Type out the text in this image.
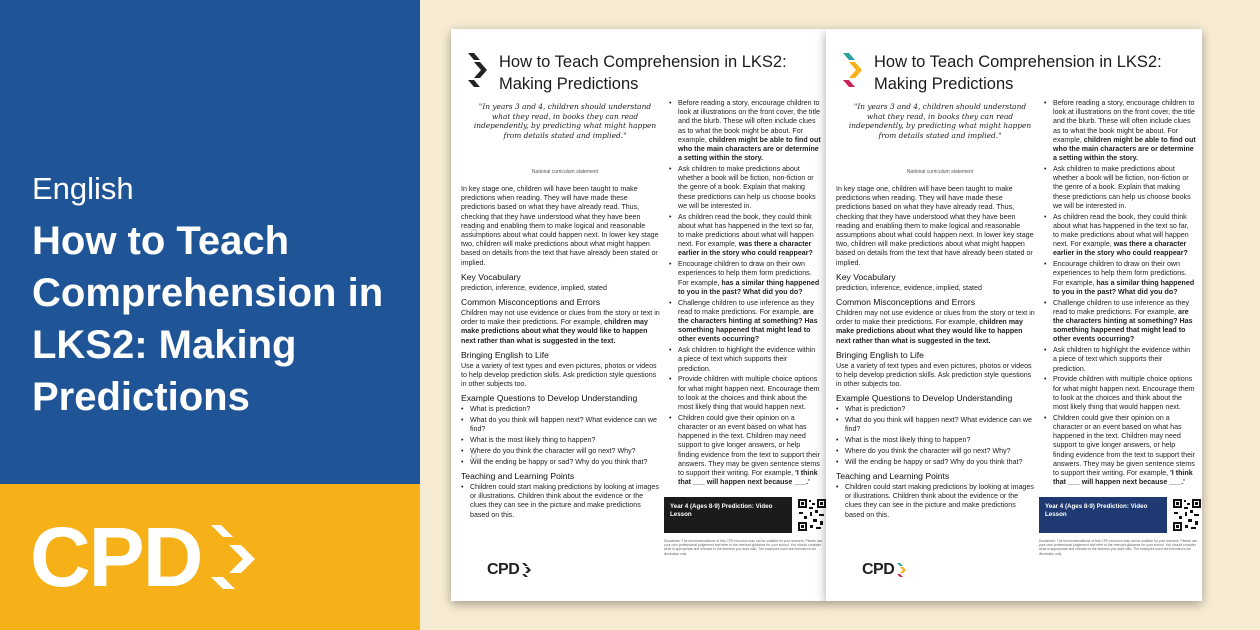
English
How to Teach Comprehension in LKS2: Making Predictions
CPD
How to Teach Comprehension in LKS2:
Making Predictions
"In years 3 and 4, children should understand what they read, in books they can read independently, by predicting what might happen from details stated and implied."
National curriculum statement

In key stage one, children will have been taught to make predictions when reading. They will have made these predictions based on what they have already read. Thus, checking that they have understood what they have been reading and enabling them to make logical and reasonable assumptions about what could happen next. In lower key stage two, children will make predictions about what might happen based on details from the text that have already been stated or implied.

Key Vocabulary

prediction, inference, evidence, implied, stated

Common Misconceptions and Errors

Children may not use evidence or clues from the story or text in order to make their predictions. For example, children may make predictions about what they would like to happen next rather than what is suggested in the text.

Bringing English to Life

Use a variety of text types and even pictures, photos or videos to help develop prediction skills. Ask prediction style questions in other subjects too.

Example Questions to Develop Understanding
• What is prediction?
• What do you think will happen next? What evidence can we find?
• What is the most likely thing to happen?
• Where do you think the character will go next? Why?
• Will the ending be happy or sad? Why do you think that?
Teaching and Learning Points
• Children could start making predictions by looking at images or illustrations. Children think about the evidence or the clues they can see in the picture and make predictions based on this.
• Before reading a story, encourage children to look at illustrations on the front cover, the title and the blurb. These will often include clues as to what the book might be about. For example, children might be able to find out who the main characters are or determine a setting within the story.
• Ask children to make predictions about whether a book will be fiction, non-fiction or the genre of a book. Explain that making these predictions can help us choose books we will be interested in.
• As children read the book, they could think about what has happened in the text so far, to make predictions about what will happen next. For example, was there a character earlier in the story who could reappear?
• Encourage children to draw on their own experiences to help them form predictions. For example, has a similar thing happened to you in the past? What did you do?
• Challenge children to use inference as they read to make predictions. For example, are the characters hinting at something? Has something happened that might lead to other events occurring?
• Ask children to highlight the evidence within a piece of text which supports their prediction.
• Provide children with multiple choice options for what might happen next. Encourage them to look at the choices and think about the most likely thing that would happen next.
• Children could give their opinion on a character or an event based on what has happened in the text. Children may need support to give longer answers, or help finding evidence from the text to support their answers. They may be given sentence stems to support their writing. For example, 'I think that ___ will happen next because ___.'
Year 4 (Ages 8-9) Prediction: Video Lesson
Disclaimer: The recommendations of this CPD resource may not be suitable for your learners. Please use your own professional judgement and refer to the relevant guidance for your school. You should consider what is appropriate and relevant to the learners you work with. The examples used are intended to be illustrative only.
CPD
How to Teach Comprehension in LKS2:
Making Predictions
"In years 3 and 4, children should understand what they read, in books they can read independently, by predicting what might happen from details stated and implied."
National curriculum statement

In key stage one, children will have been taught to make predictions when reading. They will have made these predictions based on what they have already read. Thus, checking that they have understood what they have been reading and enabling them to make logical and reasonable assumptions about what could happen next. In lower key stage two, children will make predictions about what might happen based on details from the text that have already been stated or implied.

Key Vocabulary

prediction, inference, evidence, implied, stated

Common Misconceptions and Errors

Children may not use evidence or clues from the story or text in order to make their predictions. For example, children may make predictions about what they would like to happen next rather than what is suggested in the text.

Bringing English to Life

Use a variety of text types and even pictures, photos or videos to help develop prediction skills. Ask prediction style questions in other subjects too.

Example Questions to Develop Understanding
• What is prediction?
• What do you think will happen next? What evidence can we find?
• What is the most likely thing to happen?
• Where do you think the character will go next? Why?
• Will the ending be happy or sad? Why do you think that?
Teaching and Learning Points
• Children could start making predictions by looking at images or illustrations. Children think about the evidence or the clues they can see in the picture and make predictions based on this.
• Before reading a story, encourage children to look at illustrations on the front cover, the title and the blurb. These will often include clues as to what the book might be about. For example, children might be able to find out who the main characters are or determine a setting within the story.
• Ask children to make predictions about whether a book will be fiction, non-fiction or the genre of a book. Explain that making these predictions can help us choose books we will be interested in.
• As children read the book, they could think about what has happened in the text so far, to make predictions about what will happen next. For example, was there a character earlier in the story who could reappear?
• Encourage children to draw on their own experiences to help them form predictions. For example, has a similar thing happened to you in the past? What did you do?
• Challenge children to use inference as they read to make predictions. For example, are the characters hinting at something? Has something happened that might lead to other events occurring?
• Ask children to highlight the evidence within a piece of text which supports their prediction.
• Provide children with multiple choice options for what might happen next. Encourage them to look at the choices and think about the most likely thing that would happen next.
• Children could give their opinion on a character or an event based on what has happened in the text. Children may need support to give longer answers, or help finding evidence from the text to support their answers. They may be given sentence stems to support their writing. For example, 'I think that ___ will happen next because ___.'
Year 4 (Ages 8-9) Prediction: Video Lesson
Disclaimer: The recommendations of this CPD resource may not be suitable for your learners. Please use your own professional judgement and refer to the relevant guidance for your school. You should consider what is appropriate and relevant to the learners you work with. The examples used are intended to be illustrative only.
CPD
